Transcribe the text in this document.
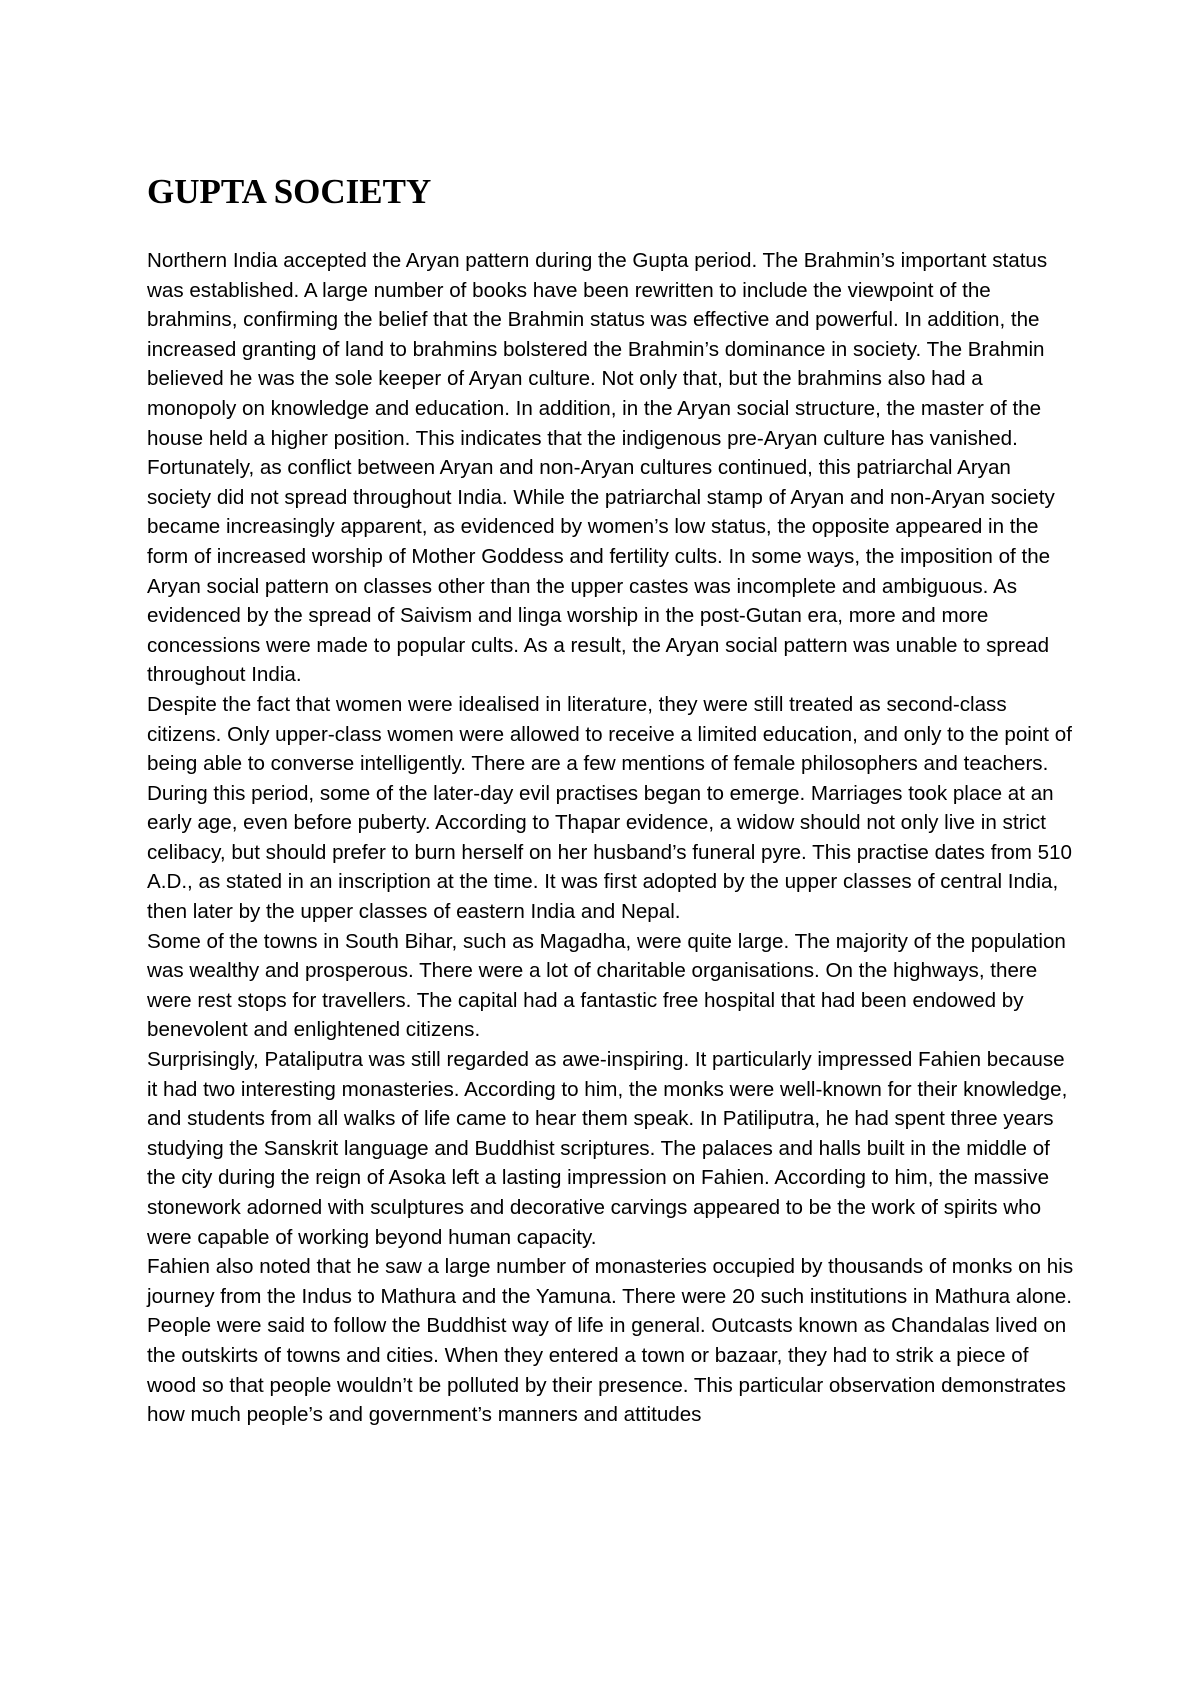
GUPTA SOCIETY

Northern India accepted the Aryan pattern during the Gupta period. The Brahmin’s important status was established. A large number of books have been rewritten to include the viewpoint of the brahmins, confirming the belief that the Brahmin status was effective and powerful. In addition, the increased granting of land to brahmins bolstered the Brahmin’s dominance in society. The Brahmin believed he was the sole keeper of Aryan culture. Not only that, but the brahmins also had a monopoly on knowledge and education. In addition, in the Aryan social structure, the master of the house held a higher position. This indicates that the indigenous pre-Aryan culture has vanished. Fortunately, as conflict between Aryan and non-Aryan cultures continued, this patriarchal Aryan society did not spread throughout India. While the patriarchal stamp of Aryan and non-Aryan society became increasingly apparent, as evidenced by women’s low status, the opposite appeared in the form of increased worship of Mother Goddess and fertility cults. In some ways, the imposition of the Aryan social pattern on classes other than the upper castes was incomplete and ambiguous. As evidenced by the spread of Saivism and linga worship in the post-Gutan era, more and more concessions were made to popular cults. As a result, the Aryan social pattern was unable to spread throughout India.

Despite the fact that women were idealised in literature, they were still treated as second-class citizens. Only upper-class women were allowed to receive a limited education, and only to the point of being able to converse intelligently. There are a few mentions of female philosophers and teachers. During this period, some of the later-day evil practises began to emerge. Marriages took place at an early age, even before puberty. According to Thapar evidence, a widow should not only live in strict celibacy, but should prefer to burn herself on her husband’s funeral pyre. This practise dates from 510 A.D., as stated in an inscription at the time. It was first adopted by the upper classes of central India, then later by the upper classes of eastern India and Nepal.

Some of the towns in South Bihar, such as Magadha, were quite large. The majority of the population was wealthy and prosperous. There were a lot of charitable organisations. On the highways, there were rest stops for travellers. The capital had a fantastic free hospital that had been endowed by benevolent and enlightened citizens.

Surprisingly, Pataliputra was still regarded as awe-inspiring. It particularly impressed Fahien because it had two interesting monasteries. According to him, the monks were well-known for their knowledge, and students from all walks of life came to hear them speak. In Patiliputra, he had spent three years studying the Sanskrit language and Buddhist scriptures. The palaces and halls built in the middle of the city during the reign of Asoka left a lasting impression on Fahien. According to him, the massive stonework adorned with sculptures and decorative carvings appeared to be the work of spirits who were capable of working beyond human capacity.

Fahien also noted that he saw a large number of monasteries occupied by thousands of monks on his journey from the Indus to Mathura and the Yamuna. There were 20 such institutions in Mathura alone.

People were said to follow the Buddhist way of life in general. Outcasts known as Chandalas lived on the outskirts of towns and cities. When they entered a town or bazaar, they had to strik a piece of wood so that people wouldn’t be polluted by their presence. This particular observation demonstrates how much people’s and government’s manners and attitudes
